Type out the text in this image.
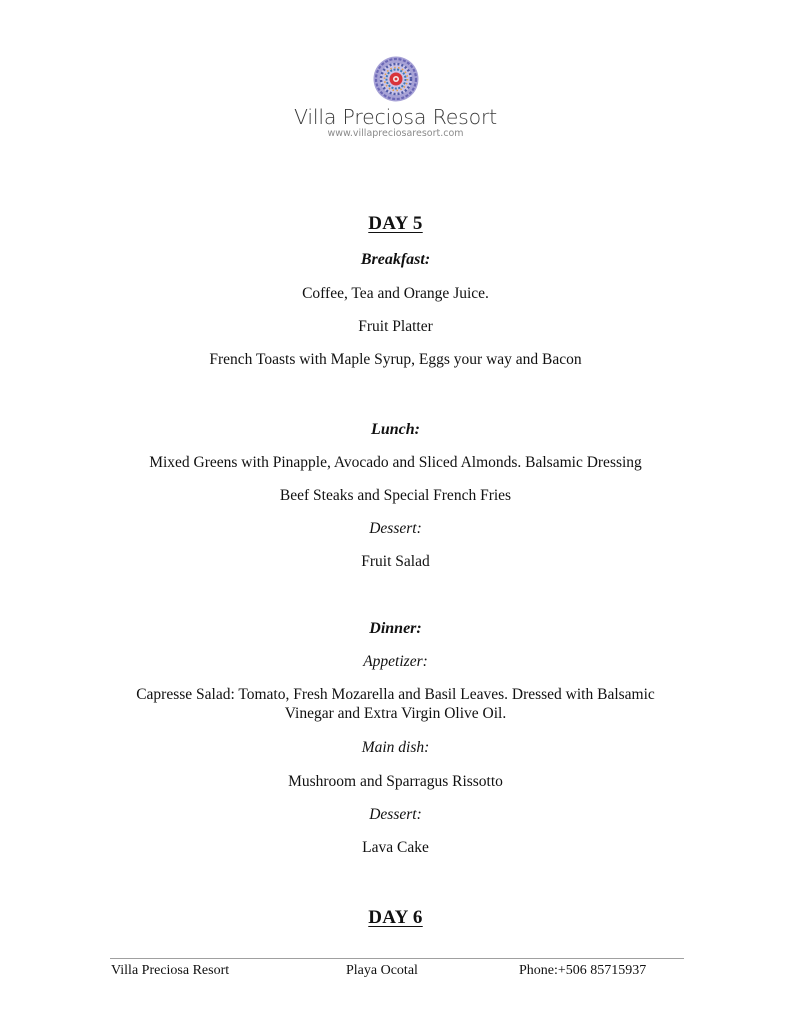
Villa Preciosa Resort
www.villapreciosaresort.com
DAY 5
Breakfast:
Coffee, Tea and Orange Juice.
Fruit Platter
French Toasts with Maple Syrup, Eggs your way and Bacon
Lunch:
Mixed Greens with Pinapple, Avocado and Sliced Almonds. Balsamic Dressing
Beef Steaks and Special French Fries
Dessert:
Fruit Salad
Dinner:
Appetizer:
Capresse Salad: Tomato, Fresh Mozarella and Basil Leaves. Dressed with Balsamic
Vinegar and Extra Virgin Olive Oil.
Main dish:
Mushroom and Sparragus Rissotto
Dessert:
Lava Cake
DAY 6
Villa Preciosa Resort	Playa Ocotal	Phone:+506 85715937
